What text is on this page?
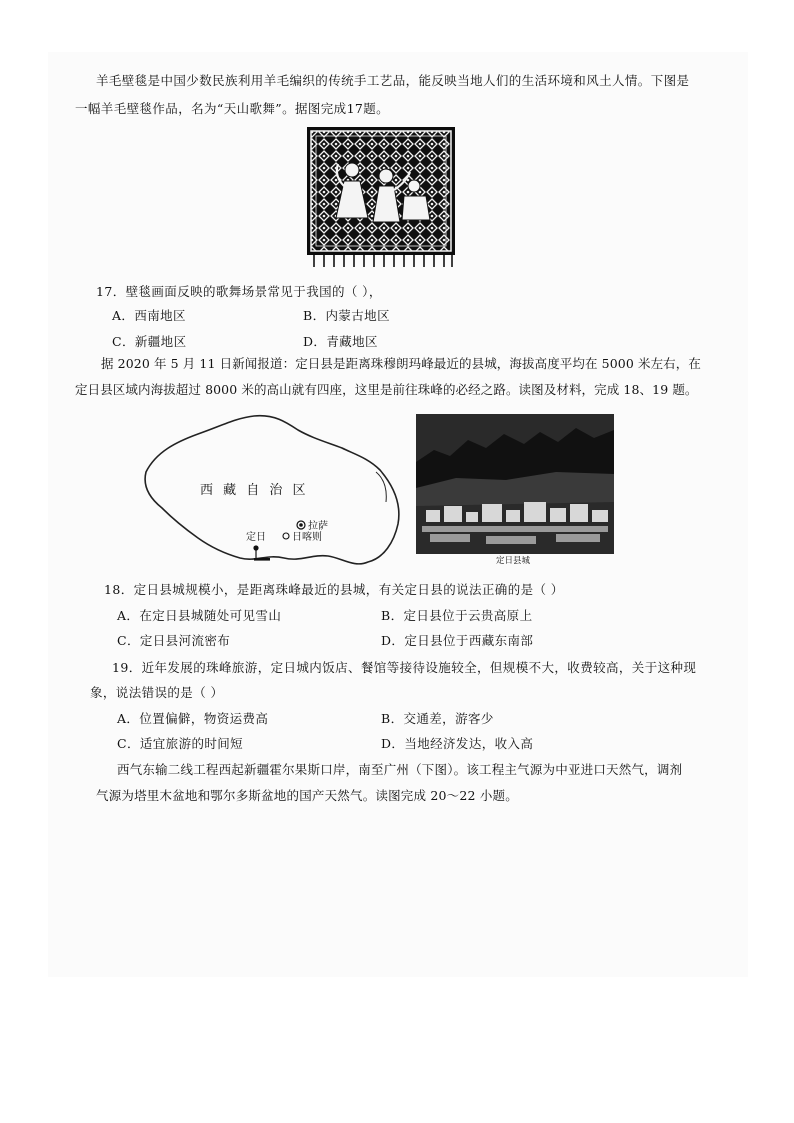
羊毛壁毯是中国少数民族利用羊毛编织的传统手工艺品，能反映当地人们的生活环境和风土人情。下图是
一幅羊毛壁毯作品，名为“天山歌舞”。据图完成17题。
17．壁毯画面反映的歌舞场景常见于我国的（ ），
A．西南地区	B．内蒙古地区
C．新疆地区	D．青藏地区
据 2020 年 5 月 11 日新闻报道：定日县是距离珠穆朗玛峰最近的县城，海拔高度平均在 5000 米左右，在
定日县区域内海拔超过 8000 米的高山就有四座，这里是前往珠峰的必经之路。读图及材料，完成 18、19 题。
西 藏 自 治 区
拉萨
定日	日喀则
定日县城
18．定日县城规模小，是距离珠峰最近的县城，有关定日县的说法正确的是（ ）
A．在定日县城随处可见雪山	B．定日县位于云贵高原上
C．定日县河流密布	D．定日县位于西藏东南部
19．近年发展的珠峰旅游，定日城内饭店、餐馆等接待设施较全，但规模不大，收费较高，关于这种现
象，说法错误的是（ ）
A．位置偏僻，物资运费高	B．交通差，游客少
C．适宜旅游的时间短	D．当地经济发达，收入高
西气东输二线工程西起新疆霍尔果斯口岸，南至广州（下图）。该工程主气源为中亚进口天然气，调剂
气源为塔里木盆地和鄂尔多斯盆地的国产天然气。读图完成 20～22 小题。
